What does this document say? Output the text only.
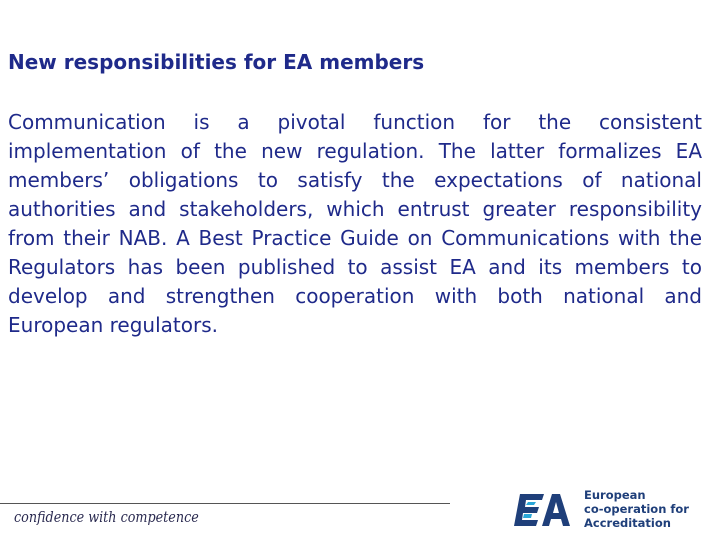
New responsibilities for EA members
Communication is a pivotal function for the consistent implementation of the new regulation. The latter formalizes EA members’ obligations to satisfy the expectations of national authorities and stakeholders, which entrust greater responsibility from their NAB. A Best Practice Guide on Communications with the Regulators has been published to assist EA and its members to develop and strengthen cooperation with both national and European regulators.
confidence with competence
European
co-operation for
Accreditation
